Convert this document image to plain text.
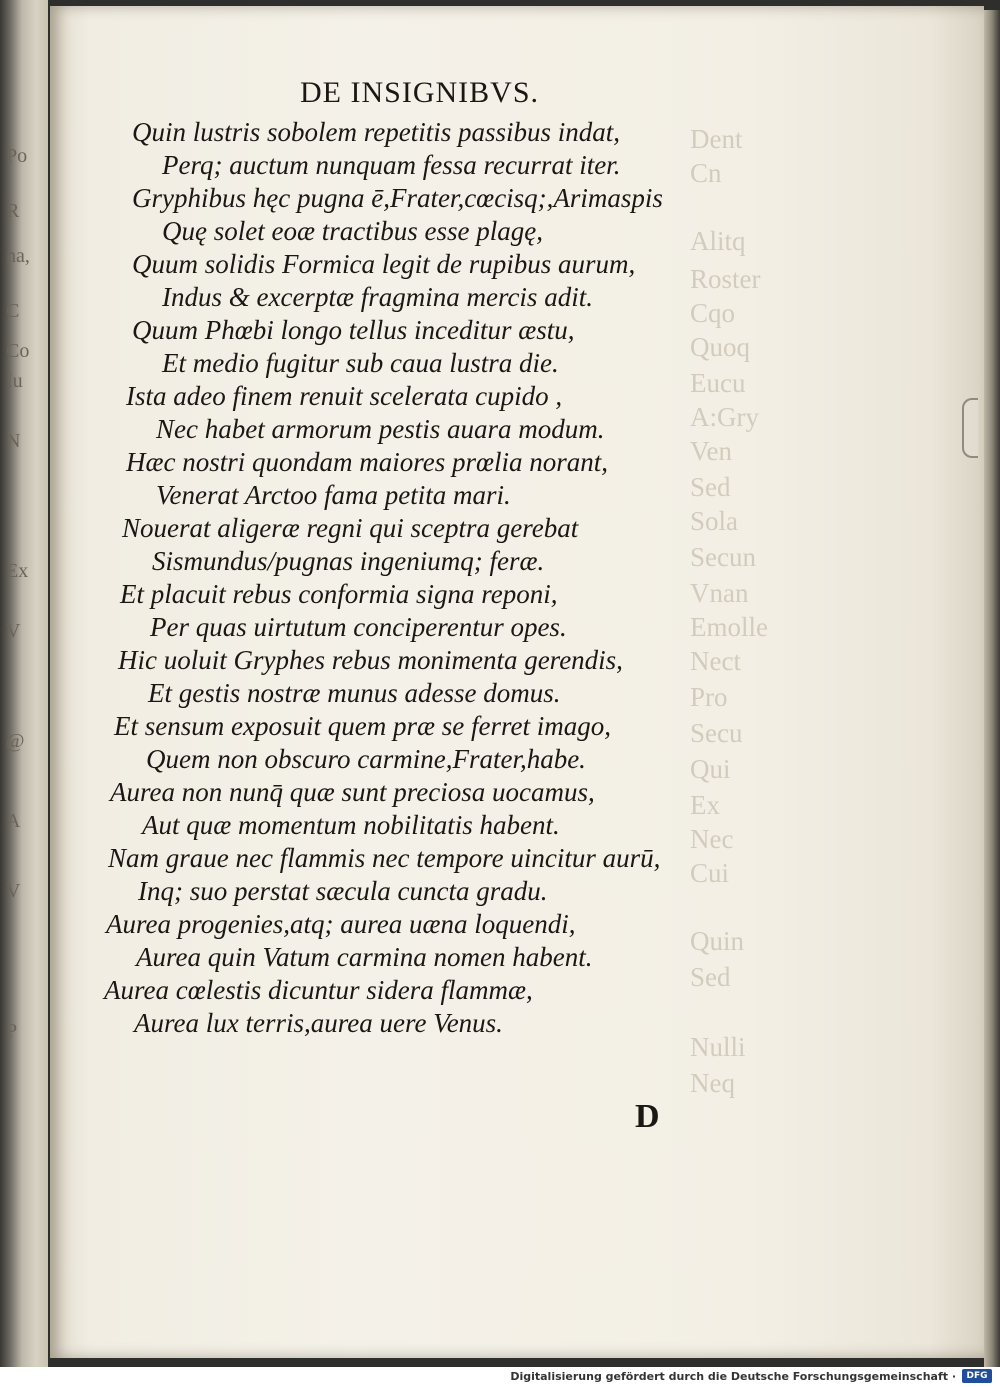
Po
R
na,
C
Co
Iu
N
Ex
V
@
A
V
P
Dent
Cn
Alitq
Roster
Cqo
Quoq
Eucu
A:Gry
Ven
Sed
Sola
Secun
Vnan
Emolle
Nect
Pro
Secu
Qui
Ex
Nec
Cui
Quin
Sed
Nulli
Neq
DE INSIGNIBVS.
Quin lustris sobolem repetitis passibus indat,
Perq; auctum nunquam fessa recurrat iter.
Gryphibus hęc pugna ē,Frater,cœcisq;,Arimaspis
Quę solet eoæ tractibus esse plagę,
Quum solidis Formica legit de rupibus aurum,
Indus & excerptæ fragmina mercis adit.
Quum Phœbi longo tellus inceditur æstu,
Et medio fugitur sub caua lustra die.
Ista adeo finem renuit scelerata cupido ,
Nec habet armorum pestis auara modum.
Hæc nostri quondam maiores prœlia norant,
Venerat Arctoo fama petita mari.
Nouerat aligeræ regni qui sceptra gerebat
Sismundus/pugnas ingeniumq; feræ.
Et placuit rebus conformia signa reponi,
Per quas uirtutum conciperentur opes.
Hic uoluit Gryphes rebus monimenta gerendis,
Et gestis nostræ munus adesse domus.
Et sensum exposuit quem præ se ferret imago,
Quem non obscuro carmine,Frater,habe.
Aurea non nunq̄ quæ sunt preciosa uocamus,
Aut quæ momentum nobilitatis habent.
Nam graue nec flammis nec tempore uincitur aurū,
Inq; suo perstat sæcula cuncta gradu.
Aurea progenies,atq; aurea uæna loquendi,
Aurea quin Vatum carmina nomen habent.
Aurea cœlestis dicuntur sidera flammæ,
Aurea lux terris,aurea uere Venus.
D
Digitalisierung gefördert durch die Deutsche Forschungsgemeinschaft ·	DFG
